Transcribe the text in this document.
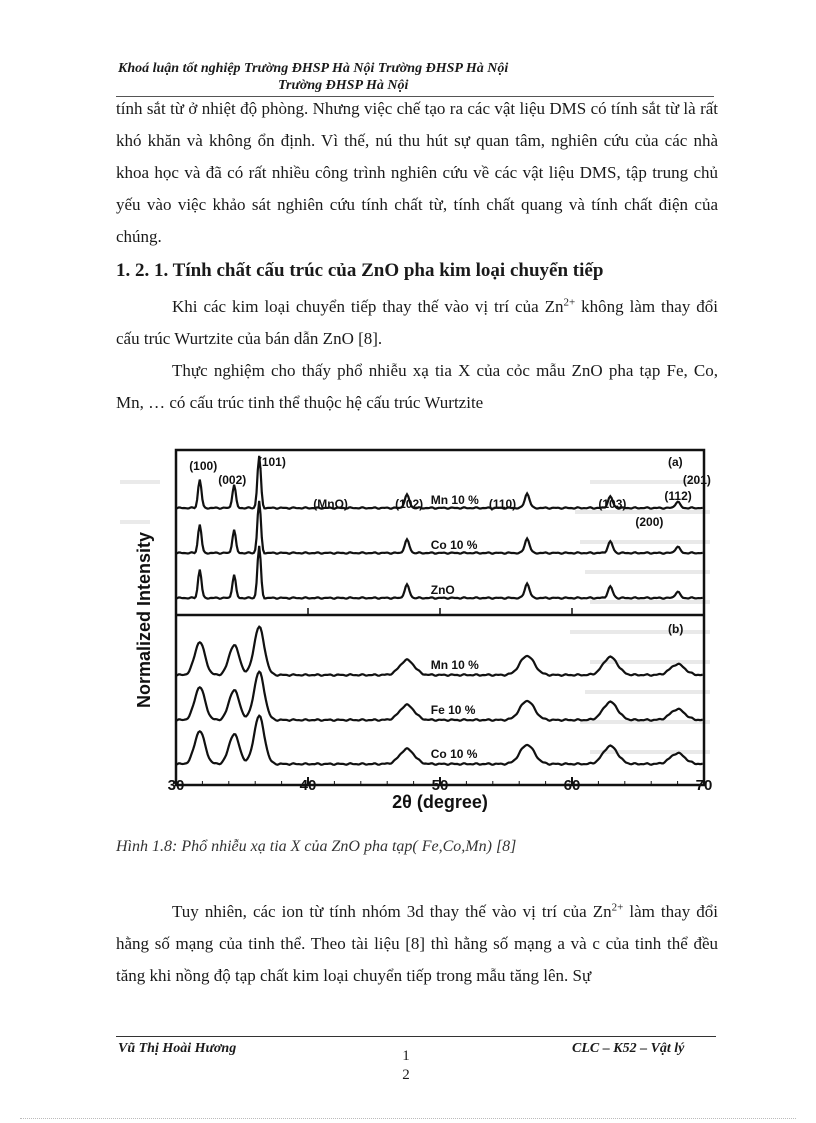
Khoá luận tốt nghiệp Trường ĐHSP Hà Nội Trường ĐHSP Hà Nội
Trường ĐHSP Hà Nội

tính sắt từ ở nhiệt độ phòng. Nhưng việc chế tạo ra các vật liệu DMS có tính sắt từ là rất khó khăn và không ổn định. Vì thế, nú thu hút sự quan tâm, nghiên cứu của các nhà khoa học và đã có rất nhiều công trình nghiên cứu về các vật liệu DMS, tập trung chủ yếu vào việc khảo sát nghiên cứu tính chất từ, tính chất quang và tính chất điện của chúng.

1. 2. 1. Tính chất cấu trúc của ZnO pha kim loại chuyển tiếp

Khi các kim loại chuyển tiếp thay thế vào vị trí của $Zn^{2+}$ không làm thay đổi cấu trúc Wurtzite của bán dẫn ZnO [8].

Thực nghiệm cho thấy phổ nhiễu xạ tia X của cỏc mẫu ZnO pha tạp Fe, Co, Mn, … có cấu trúc tinh thể thuộc hệ cấu trúc Wurtzite

Normalized Intensity
2θ (degree)
30	40	50	60	70
Mn 10 %
Co 10 %
ZnO
Mn 10 %
Fe 10 %
Co 10 %
(a)
(b)
(100)
(002)
(101)
(MnO)	(102)	(110)	(103)
(200)
(112)
(201)
Hình 1.8: Phổ nhiễu xạ tia X của ZnO pha tạp( Fe,Co,Mn) [8]

Tuy nhiên, các ion từ tính nhóm 3d thay thế vào vị trí của $Zn^{2+}$ làm thay đổi hằng số mạng của tinh thể. Theo tài liệu [8] thì hằng số mạng a và c của tinh thể đều tăng khi nồng độ tạp chất kim loại chuyển tiếp trong mẫu tăng lên. Sự

Vũ Thị Hoài Hương	1
2
CLC – K52 – Vật lý
